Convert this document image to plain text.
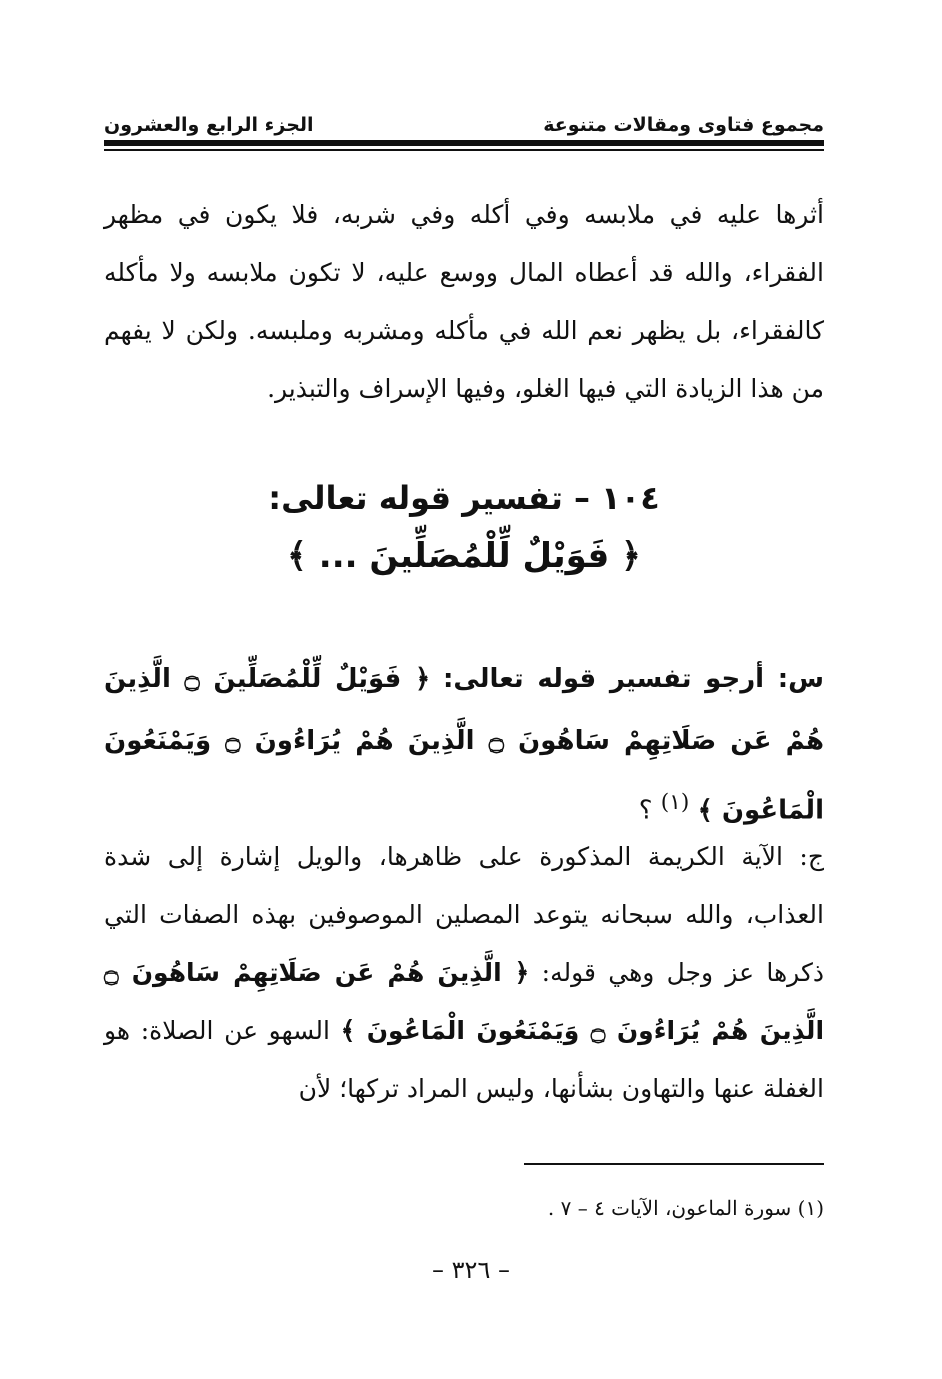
مجموع فتاوى ومقالات متنوعة
الجزء الرابع والعشرون
أثرها عليه في ملابسه وفي أكله وفي شربه، فلا يكون في مظهر الفقراء، والله قد أعطاه المال ووسع عليه، لا تكون ملابسه ولا مأكله كالفقراء، بل يظهر نعم الله في مأكله ومشربه وملبسه. ولكن لا يفهم من هذا الزيادة التي فيها الغلو، وفيها الإسراف والتبذير.
١٠٤ – تفسير قوله تعالى:
﴿ فَوَيْلٌ لِّلْمُصَلِّينَ ... ﴾
س: أرجو تفسير قوله تعالى: ﴿ فَوَيْلٌ لِّلْمُصَلِّينَ ۝ الَّذِينَ هُمْ عَن صَلَاتِهِمْ سَاهُونَ ۝ الَّذِينَ هُمْ يُرَاءُونَ ۝ وَيَمْنَعُونَ الْمَاعُونَ ﴾ $^{(١)}$ ؟
ج: الآية الكريمة المذكورة على ظاهرها، والويل إشارة إلى شدة العذاب، والله سبحانه يتوعد المصلين الموصوفين بهذه الصفات التي ذكرها عز وجل وهي قوله: ﴿ الَّذِينَ هُمْ عَن صَلَاتِهِمْ سَاهُونَ ۝ الَّذِينَ هُمْ يُرَاءُونَ ۝ وَيَمْنَعُونَ الْمَاعُونَ ﴾ السهو عن الصلاة: هو الغفلة عنها والتهاون بشأنها، وليس المراد تركها؛ لأن
(١) سورة الماعون، الآيات ٤ – ٧ .
– ٣٢٦ –
